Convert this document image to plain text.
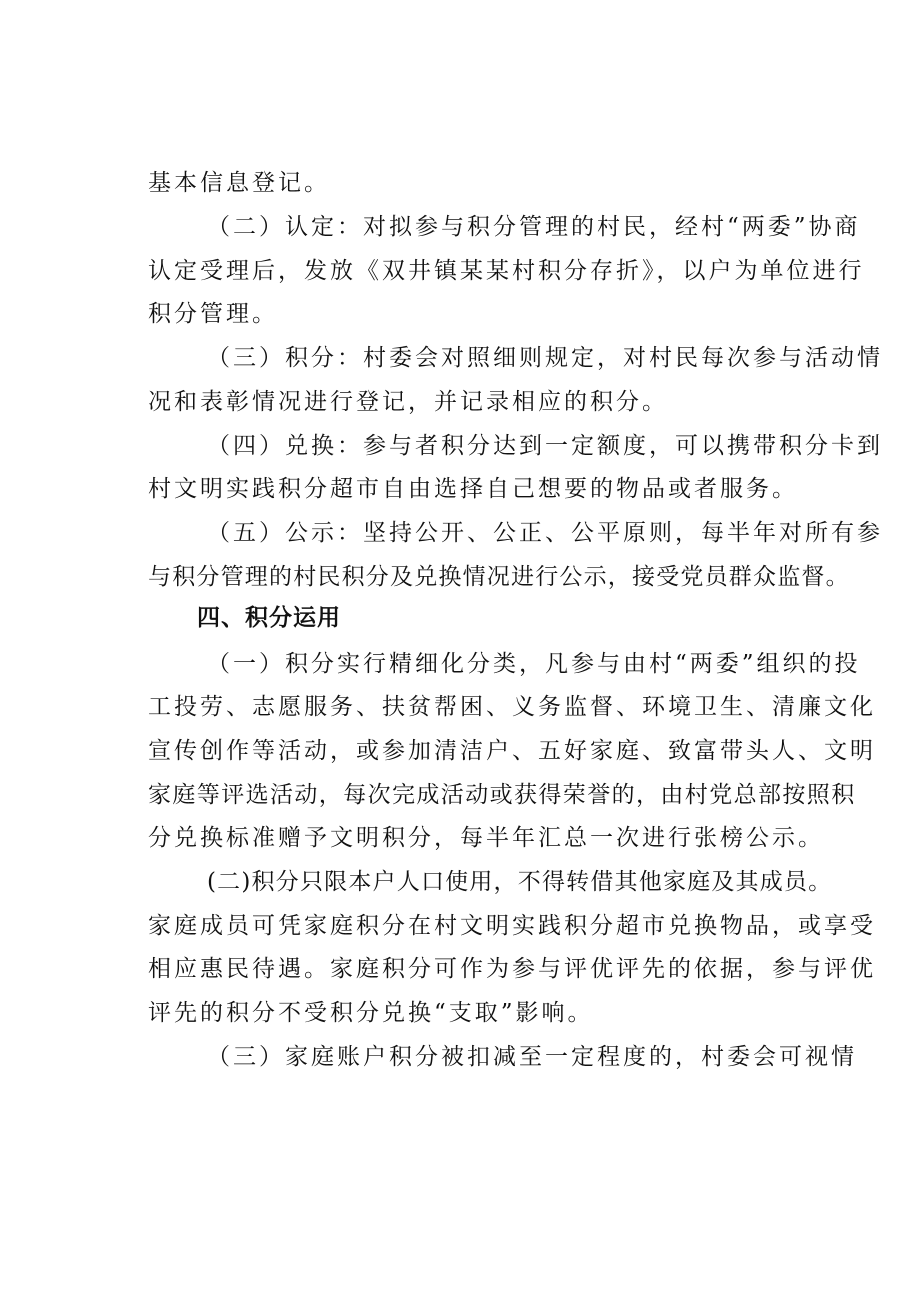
基本信息登记。
（二）认定：对拟参与积分管理的村民，经村“两委”协商
认定受理后，发放《双井镇某某村积分存折》，以户为单位进行
积分管理。
（三）积分：村委会对照细则规定，对村民每次参与活动情
况和表彰情况进行登记，并记录相应的积分。
（四）兑换：参与者积分达到一定额度，可以携带积分卡到
村文明实践积分超市自由选择自己想要的物品或者服务。
（五）公示：坚持公开、公正、公平原则，每半年对所有参
与积分管理的村民积分及兑换情况进行公示，接受党员群众监督。
四、积分运用
（一）积分实行精细化分类，凡参与由村“两委”组织的投
工投劳、志愿服务、扶贫帮困、义务监督、环境卫生、清廉文化
宣传创作等活动，或参加清洁户、五好家庭、致富带头人、文明
家庭等评选活动，每次完成活动或获得荣誉的，由村党总部按照积
分兑换标准赠予文明积分，每半年汇总一次进行张榜公示。
(二)积分只限本户人口使用，不得转借其他家庭及其成员。
家庭成员可凭家庭积分在村文明实践积分超市兑换物品，或享受
相应惠民待遇。家庭积分可作为参与评优评先的依据，参与评优
评先的积分不受积分兑换“支取”影响。
（三）家庭账户积分被扣减至一定程度的，村委会可视情
